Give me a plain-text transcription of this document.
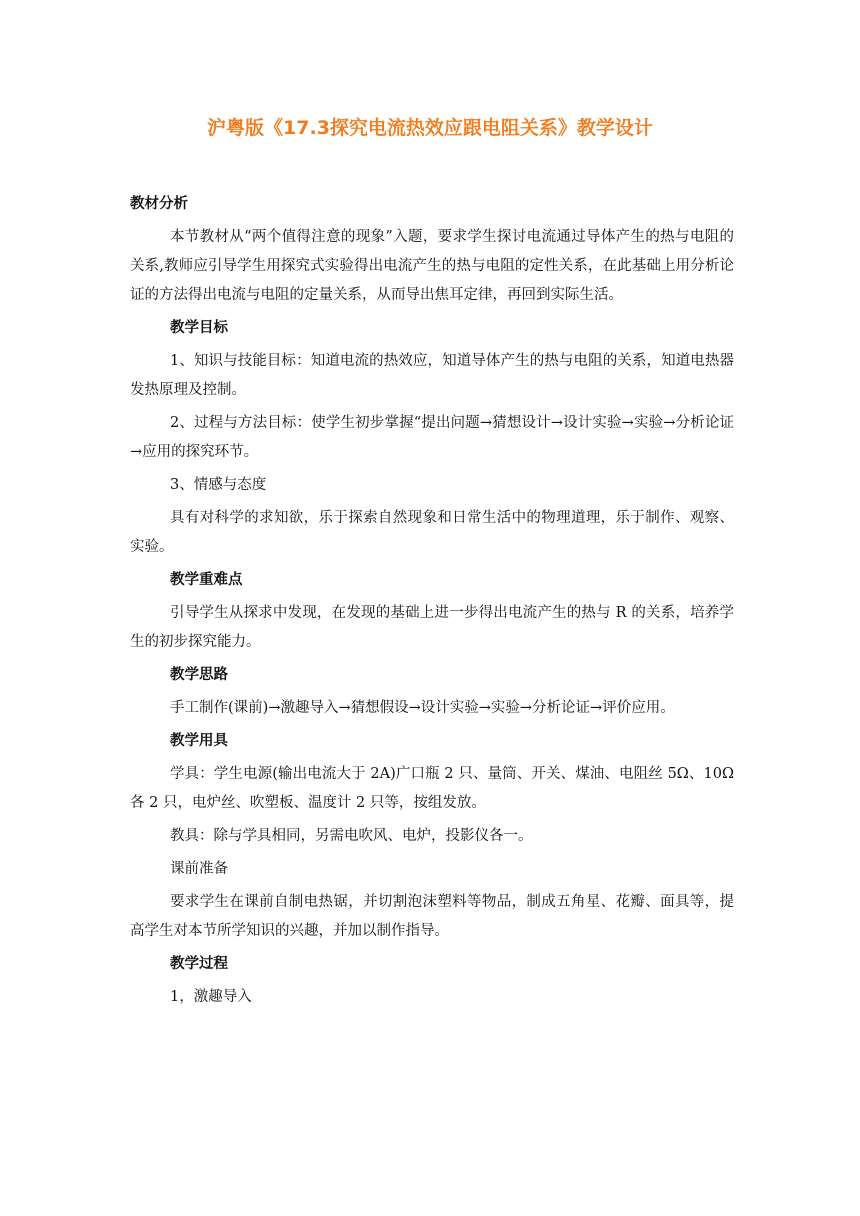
沪粤版《17.3探究电流热效应跟电阻关系》教学设计

教材分析

本节教材从“两个值得注意的现象”入题，要求学生探讨电流通过导体产生的热与电阻的关系,教师应引导学生用探究式实验得出电流产生的热与电阻的定性关系，在此基础上用分析论证的方法得出电流与电阻的定量关系，从而导出焦耳定律，再回到实际生活。

教学目标

1、知识与技能目标：知道电流的热效应，知道导体产生的热与电阻的关系，知道电热器发热原理及控制。

2、过程与方法目标：使学生初步掌握“提出问题→猜想设计→设计实验→实验→分析论证→应用的探究环节。

3、情感与态度

具有对科学的求知欲，乐于探索自然现象和日常生活中的物理道理，乐于制作、观察、实验。

教学重难点

引导学生从探求中发现，在发现的基础上进一步得出电流产生的热与 R 的关系，培养学生的初步探究能力。

教学思路

手工制作(课前)→激趣导入→猜想假设→设计实验→实验→分析论证→评价应用。

教学用具

学具：学生电源(输出电流大于 2A)广口瓶 2 只、量筒、开关、煤油、电阻丝 5Ω、10Ω各 2 只，电炉丝、吹塑板、温度计 2 只等，按组发放。

教具：除与学具相同，另需电吹风、电炉，投影仪各一。

课前准备

要求学生在课前自制电热锯，并切割泡沫塑料等物品，制成五角星、花瓣、面具等，提高学生对本节所学知识的兴趣，并加以制作指导。

教学过程

1，激趣导入
